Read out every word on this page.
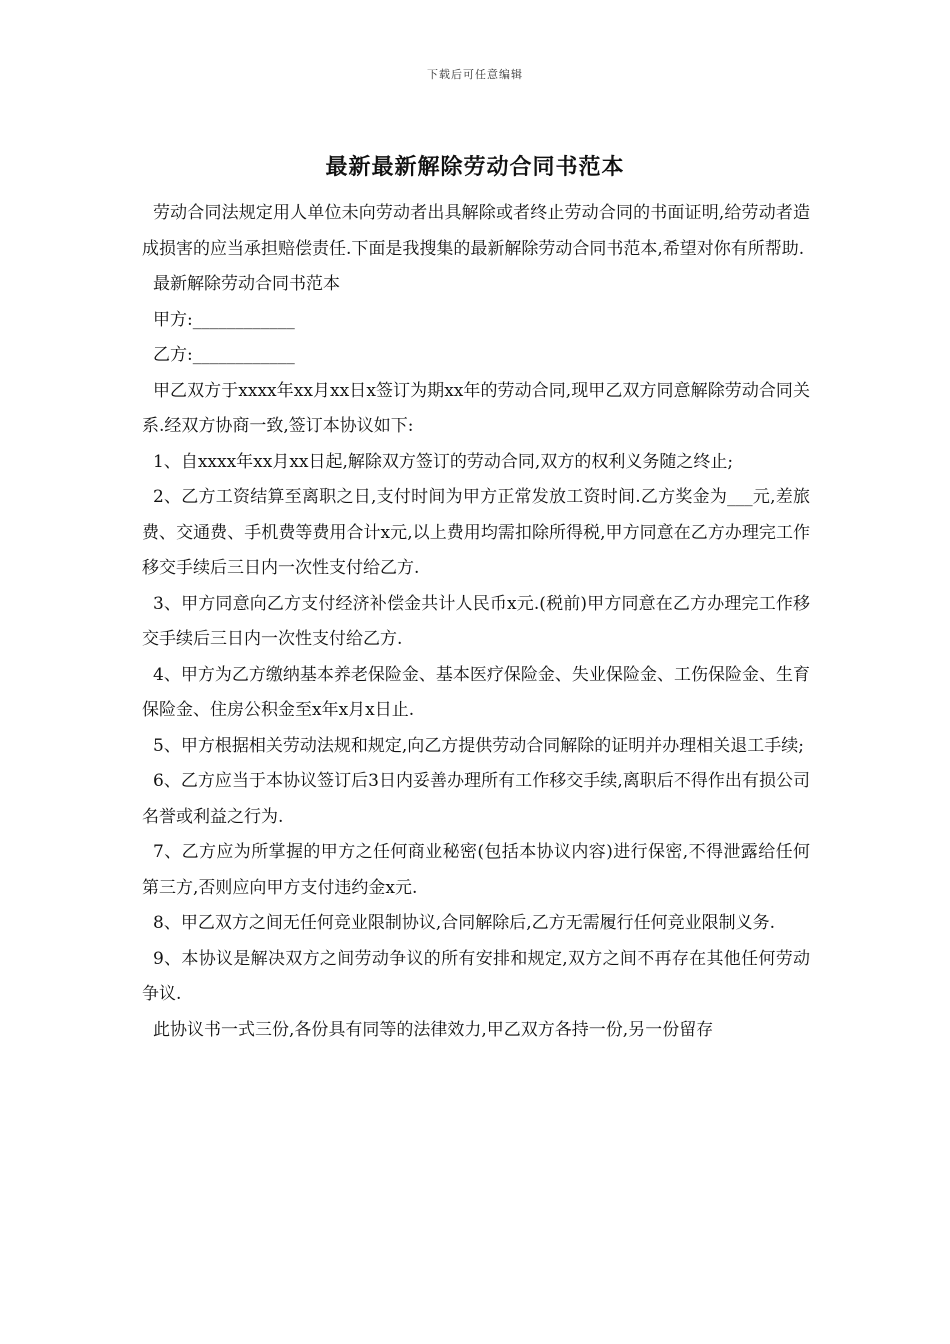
下载后可任意编辑
最新最新解除劳动合同书范本

劳动合同法规定用人单位未向劳动者出具解除或者终止劳动合同的书面证明,给劳动者造成损害的应当承担赔偿责任.下面是我搜集的最新解除劳动合同书范本,希望对你有所帮助.

最新解除劳动合同书范本

甲方:____________

乙方:____________

甲乙双方于xxxx年xx月xx日x签订为期xx年的劳动合同,现甲乙双方同意解除劳动合同关系.经双方协商一致,签订本协议如下:

1、自xxxx年xx月xx日起,解除双方签订的劳动合同,双方的权利义务随之终止;

2、乙方工资结算至离职之日,支付时间为甲方正常发放工资时间.乙方奖金为___元,差旅费、交通费、手机费等费用合计x元,以上费用均需扣除所得税,甲方同意在乙方办理完工作移交手续后三日内一次性支付给乙方.

3、甲方同意向乙方支付经济补偿金共计人民币x元.(税前)甲方同意在乙方办理完工作移交手续后三日内一次性支付给乙方.

4、甲方为乙方缴纳基本养老保险金、基本医疗保险金、失业保险金、工伤保险金、生育保险金、住房公积金至x年x月x日止.

5、甲方根据相关劳动法规和规定,向乙方提供劳动合同解除的证明并办理相关退工手续;

6、乙方应当于本协议签订后3日内妥善办理所有工作移交手续,离职后不得作出有损公司名誉或利益之行为.

7、乙方应为所掌握的甲方之任何商业秘密(包括本协议内容)进行保密,不得泄露给任何第三方,否则应向甲方支付违约金x元.

8、甲乙双方之间无任何竞业限制协议,合同解除后,乙方无需履行任何竞业限制义务.

9、本协议是解决双方之间劳动争议的所有安排和规定,双方之间不再存在其他任何劳动争议.

此协议书一式三份,各份具有同等的法律效力,甲乙双方各持一份,另一份留存
